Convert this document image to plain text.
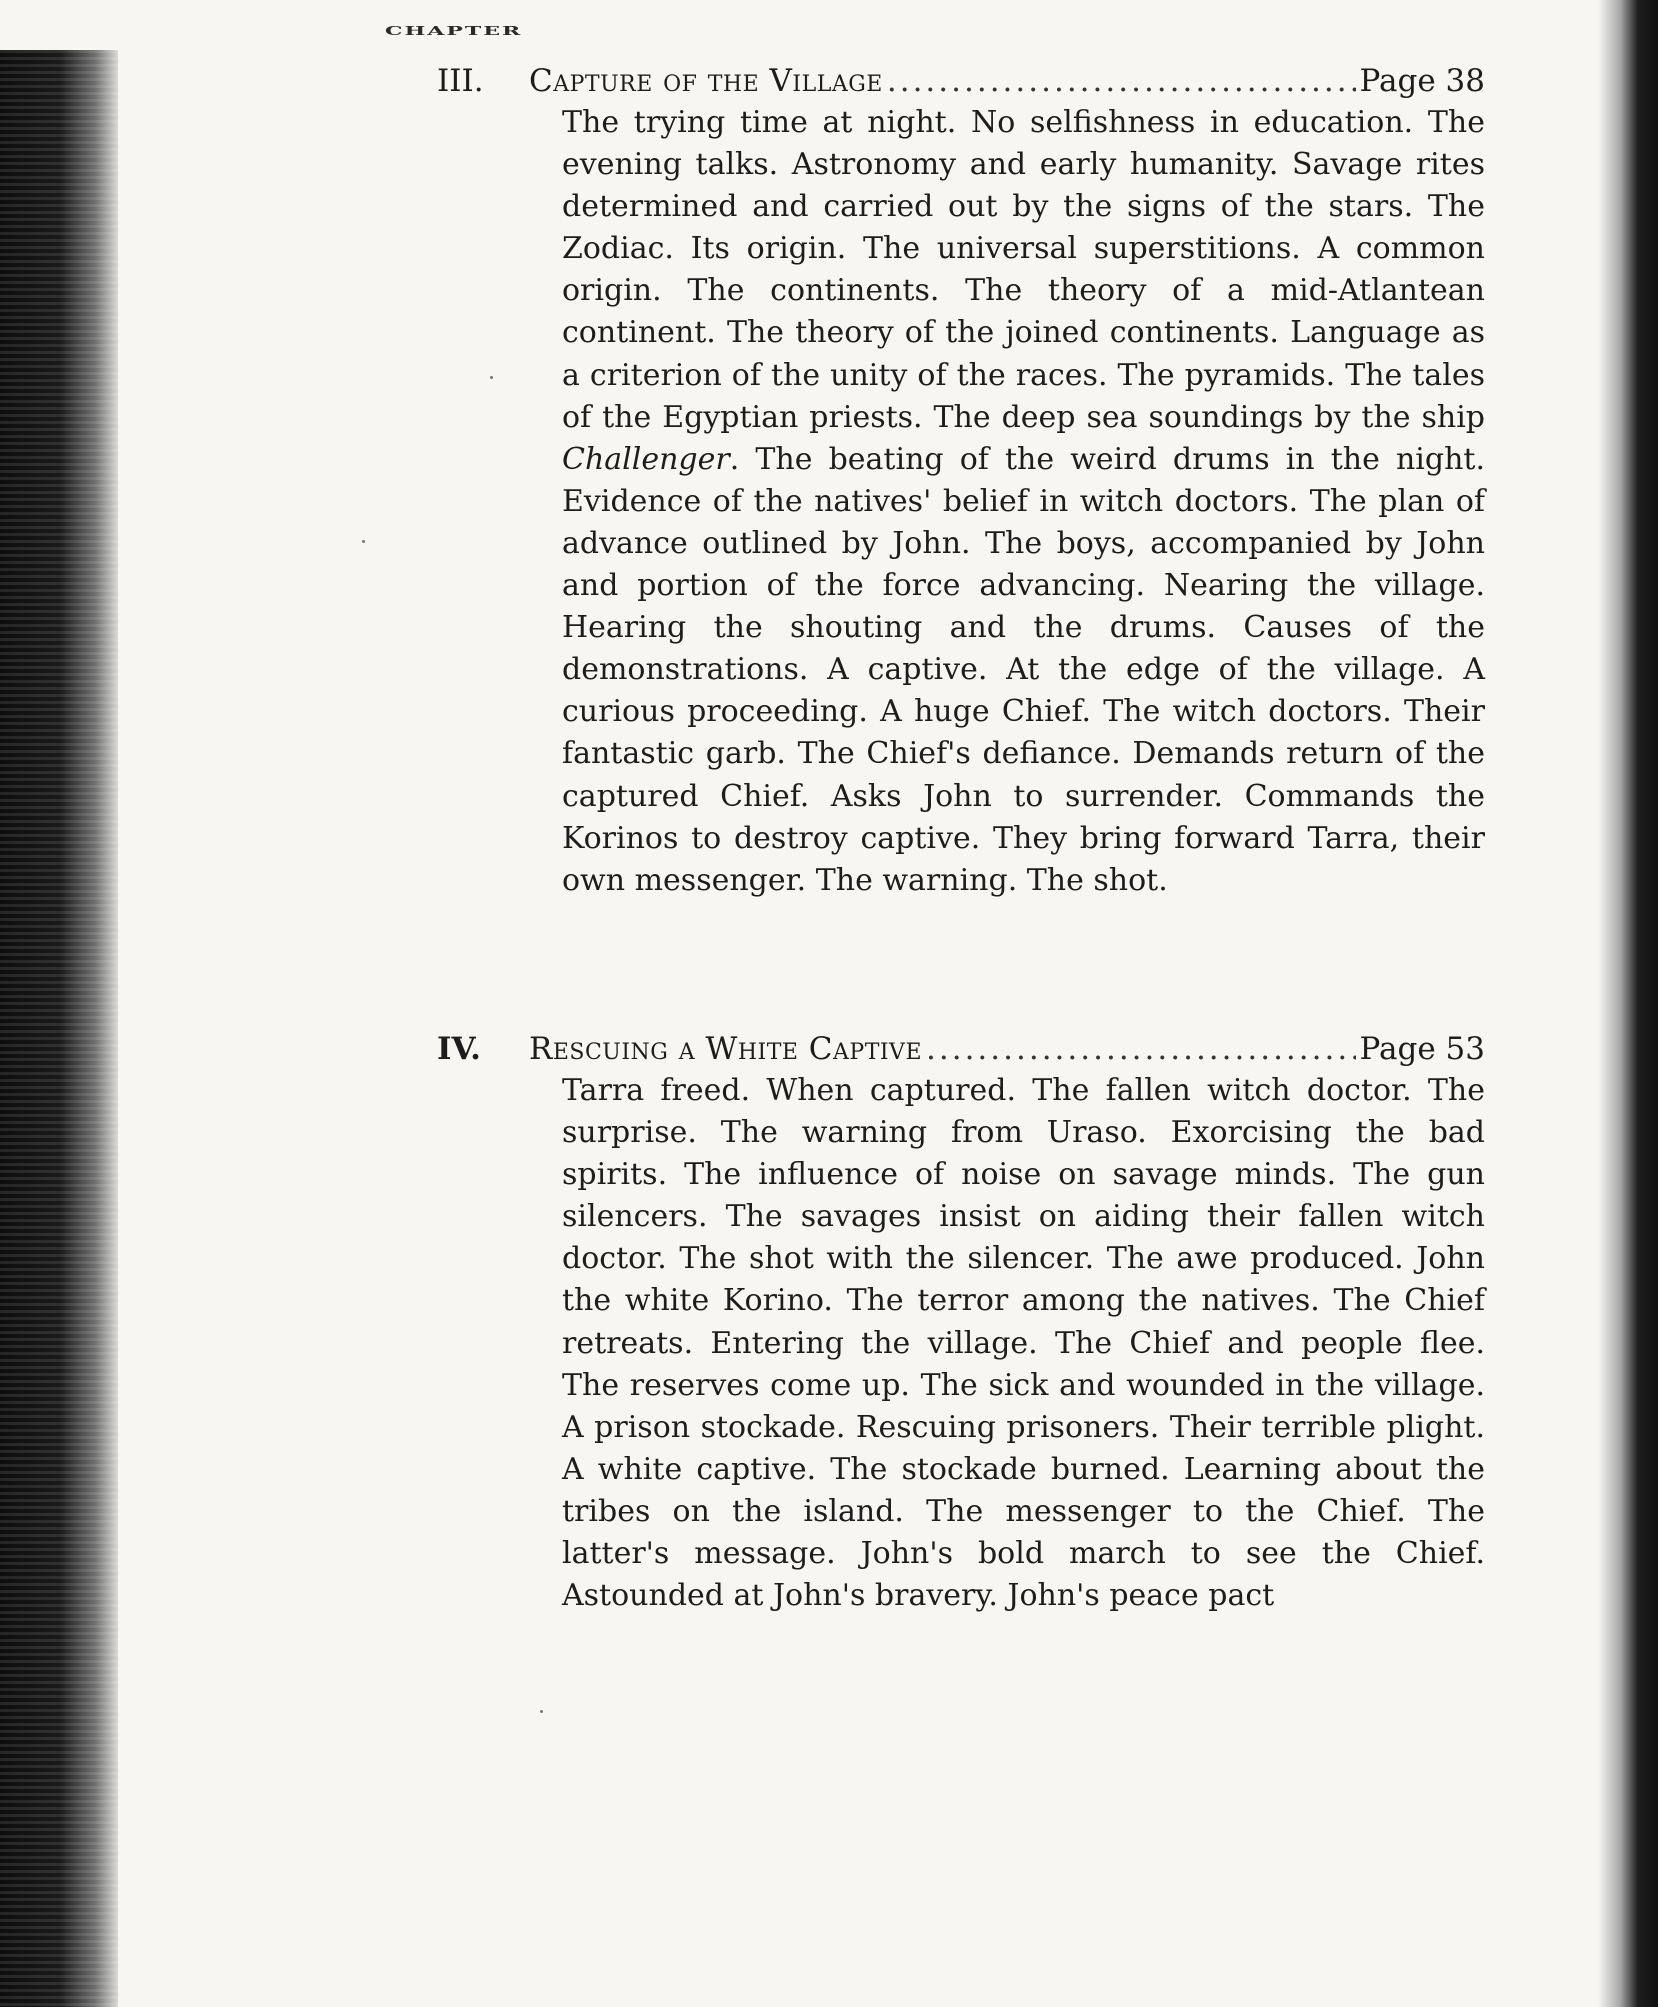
CHAPTER
III.	Capture of the Village .....	Page 38

The trying time at night. No selfishness in education. The evening talks. Astronomy and early humanity. Savage rites determined and carried out by the signs of the stars. The Zodiac. Its origin. The universal superstitions. A common origin. The continents. The theory of a mid-Atlantean continent. The theory of the joined continents. Language as a criterion of the unity of the races. The pyramids. The tales of the Egyptian priests. The deep sea soundings by the ship Challenger. The beating of the weird drums in the night. Evidence of the natives' belief in witch doctors. The plan of advance outlined by John. The boys, accompanied by John and portion of the force advancing. Nearing the village. Hearing the shouting and the drums. Causes of the demonstrations. A captive. At the edge of the village. A curious proceeding. A huge Chief. The witch doctors. Their fantastic garb. The Chief's defiance. Demands return of the captured Chief. Asks John to surrender. Commands the Korinos to destroy captive. They bring forward Tarra, their own messenger. The warning. The shot.

IV.	Rescuing a White Captive .....	Page 53

Tarra freed. When captured. The fallen witch doctor. The surprise. The warning from Uraso. Exorcising the bad spirits. The influence of noise on savage minds. The gun silencers. The savages insist on aiding their fallen witch doctor. The shot with the silencer. The awe produced. John the white Korino. The terror among the natives. The Chief retreats. Entering the village. The Chief and people flee. The reserves come up. The sick and wounded in the village. A prison stockade. Rescuing prisoners. Their terrible plight. A white captive. The stockade burned. Learning about the tribes on the island. The messenger to the Chief. The latter's message. John's bold march to see the Chief. Astounded at John's bravery. John's peace pact
